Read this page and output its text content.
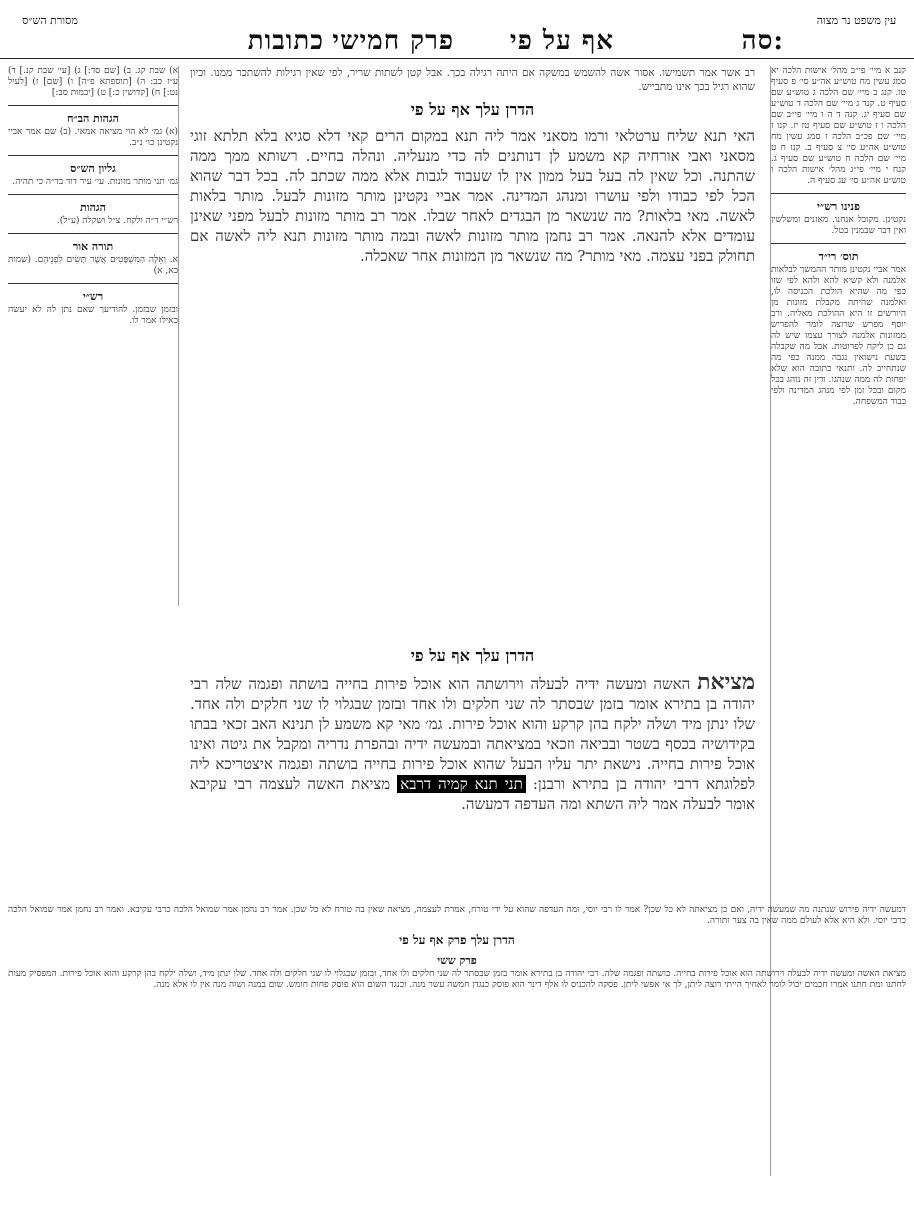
מסורת הש״ס
כתובות פרק חמישי אף על פי	סה:
עין משפט נר מצוה
קנב א מיי׳ פי״ב מהל׳ אישות הלכה יא סמג עשין מח טוש״ע אה״ע סי׳ פ סעיף טו. קנג ב מיי׳ שם הלכה ג טוש״ע שם סעיף ט. קנד ג מיי׳ שם הלכה ד טוש״ע שם סעיף יג. קנה ד ה ו מיי׳ פי״ב שם הלכה ו ז טוש״ע שם סעיף טז יז. קנו ז מיי׳ שם פכ״ב הלכה ז סמג עשין מח טוש״ע אה״ע סי׳ צ סעיף ב. קנז ח ט מיי׳ שם הלכה ח טוש״ע שם סעיף ג. קנח י מיי׳ פי״ג מהל׳ אישות הלכה ו טוש״ע אה״ע סי׳ עג סעיף ה.
פנינו רש״י
נקטינן. מקובל אנחנו. מאזנים ומשלשין ואין דבר שבמנין בטל.
תוס׳ רי״ד
אמר אביי נקטינן מותר ההמשך לבלאות אלמנה ולא קשיא להא ולהא לפי שזו כפי מה שהיא הולכת הכניסה לו, ואלמנה שהיתה מקבלת מזונות מן היורשים זו היא ההולכת מאליה. ורב יוסף מפרש שרוצה לומר להפריש ממזונות אלמנה לצורך עצמו שיש לה גם כן ליקח לפרוטות. אבל מה שקבלה בשעת נישואין נגבה ממנה כפי מה שנתחייב לה. ותנאי כתובה הוא שלא יפחות לה ממה שנהגו. ודין זה נוהג בכל מקום ובכל זמן לפי מנהג המדינה ולפי כבוד המשפחה.
א) שבת קג. ב) [שם סד:] ג) [עי׳ שבת קנ.] ד) ע״ז כב: ה) [תוספתא פ״ה] ו) [שם] ז) [לעיל נט:] ח) [קדושין כ:] ט) [יבמות סב:]
הגהות הב״ח
(א) גמ׳ לא הוי מציאה אמאי. (ב) שם אמר אביי נקטינן כו׳ נ״ב.
גליון הש״ס
גמ׳ תני מותר מזונות. עי׳ עיר דוד בד״ה כי תהיה.
הגהות
רש״י ד״ה ולקח. צ״ל ושקלה (ע״ל).
תורה אור
א. וְאֵלֶּה הַמִּשְׁפָּטִים אֲשֶׁר תָּשִׂים לִפְנֵיהֶם. (שמות כא, א)
רש״י
ובזמן שבזמן. להודיעך שאם נתן לה לא יעשה כאילו אמר לו.
רב אשר אמר תשמישו. אסור אשה להשמש במשקה אם היתה רגילה בכך. אבל קטן לשתות שריר, לפי שאין רגילות להשתכר ממנו. וכיון שהוא רגיל בכך אינו מתבייש.
הדרן עלך אף על פי
האי תנא שליח ערטלאי ורמו מסאני אמר ליה תנא במקום הרים קאי דלא סגיא בלא תלתא זוגי מסאני ואבי אורחיה קא משמע לן דנותנים לה כדי מנעליה. ונהלה בחיים. רשותא ממך ממה שהתנה. וכל שאין לה בעל בעל ממון אין לו שעבוד לגבות אלא ממה שכתב לה. בכל דבר שהוא הכל לפי כבודו ולפי עושרו ומנהג המדינה. אמר אביי נקטינן מותר מזונות לבעל. מותר בלאות לאשה. מאי בלאות? מה שנשאר מן הבגדים לאחר שבלו. אמר רב מותר מזונות לבעל מפני שאינן עומדים אלא להנאה. אמר רב נחמן מותר מזונות לאשה ובמה מותר מזונות תנא ליה לאשה אם תחולק בפני עצמה. מאי מותר? מה שנשאר מן המזונות אחר שאכלה.
הדרן עלך אף על פי
מציאת האשה ומעשה ידיה לבעלה וירושתה הוא אוכל פירות בחייה בושתה ופגמה שלה רבי יהודה בן בתירא אומר בזמן שבסתר לה שני חלקים ולו אחד ובזמן שבגלוי לו שני חלקים ולה אחד. שלו ינתן מיד ושלה ילקח בהן קרקע והוא אוכל פירות. גמ׳ מאי קא משמע לן תנינא האב זכאי בבתו בקידושיה בכסף בשטר ובביאה וזכאי במציאתה ובמעשה ידיה ובהפרת נדריה ומקבל את גיטה ואינו אוכל פירות בחייה. נישאת יתר עליו הבעל שהוא אוכל פירות בחייה בושתה ופגמה איצטריכא ליה לפלוגתא דרבי יהודה בן בתירא ורבנן: תני תנא קמיה דרבא מציאת האשה לעצמה רבי עקיבא אומר לבעלה אמר ליה השתא ומה העדפה דמעשה.
דמעשה ידיה פירוש שנתנה מה שמעשה ידיה, ואם כן מציאתה לא כל שכן? אמר לו רבי יוסי, ומה העדפה שהוא על ידי טורח, אמרת לעצמה, מציאה שאין בה טורח לא כל שכן. אמר רב נחמן אמר שמואל הלכה כרבי עקיבא. ואמר רב נחמן אמר שמואל הלכה כרבי יוסי. ולא היא אלא לעולם ממה שאין בה צער ותורה.
הדרן עלך פרק אף על פי
פרק ששי
מציאת האשה ומעשה ידיה לבעלה וירושתה הוא אוכל פירות בחייה. בושתה ופגמה שלה. רבי יהודה בן בתירא אומר בזמן שבסתר לה שני חלקים ולו אחד, ובזמן שבגלוי לו שני חלקים ולה אחד. שלו ינתן מיד, ושלה ילקח בהן קרקע והוא אוכל פירות. המפסיק מעות לחתנו ומת חתנו אמרו חכמים יכול לומר לאחיך הייתי רוצה ליתן, לך אי אפשי ליתן. פסקה להכניס לו אלף דינר הוא פוסק כנגדן חמשה עשר מנה. וכנגד השום הוא פוסק פחות חומש. שום במנה ושוה מנה אין לו אלא מנה.
